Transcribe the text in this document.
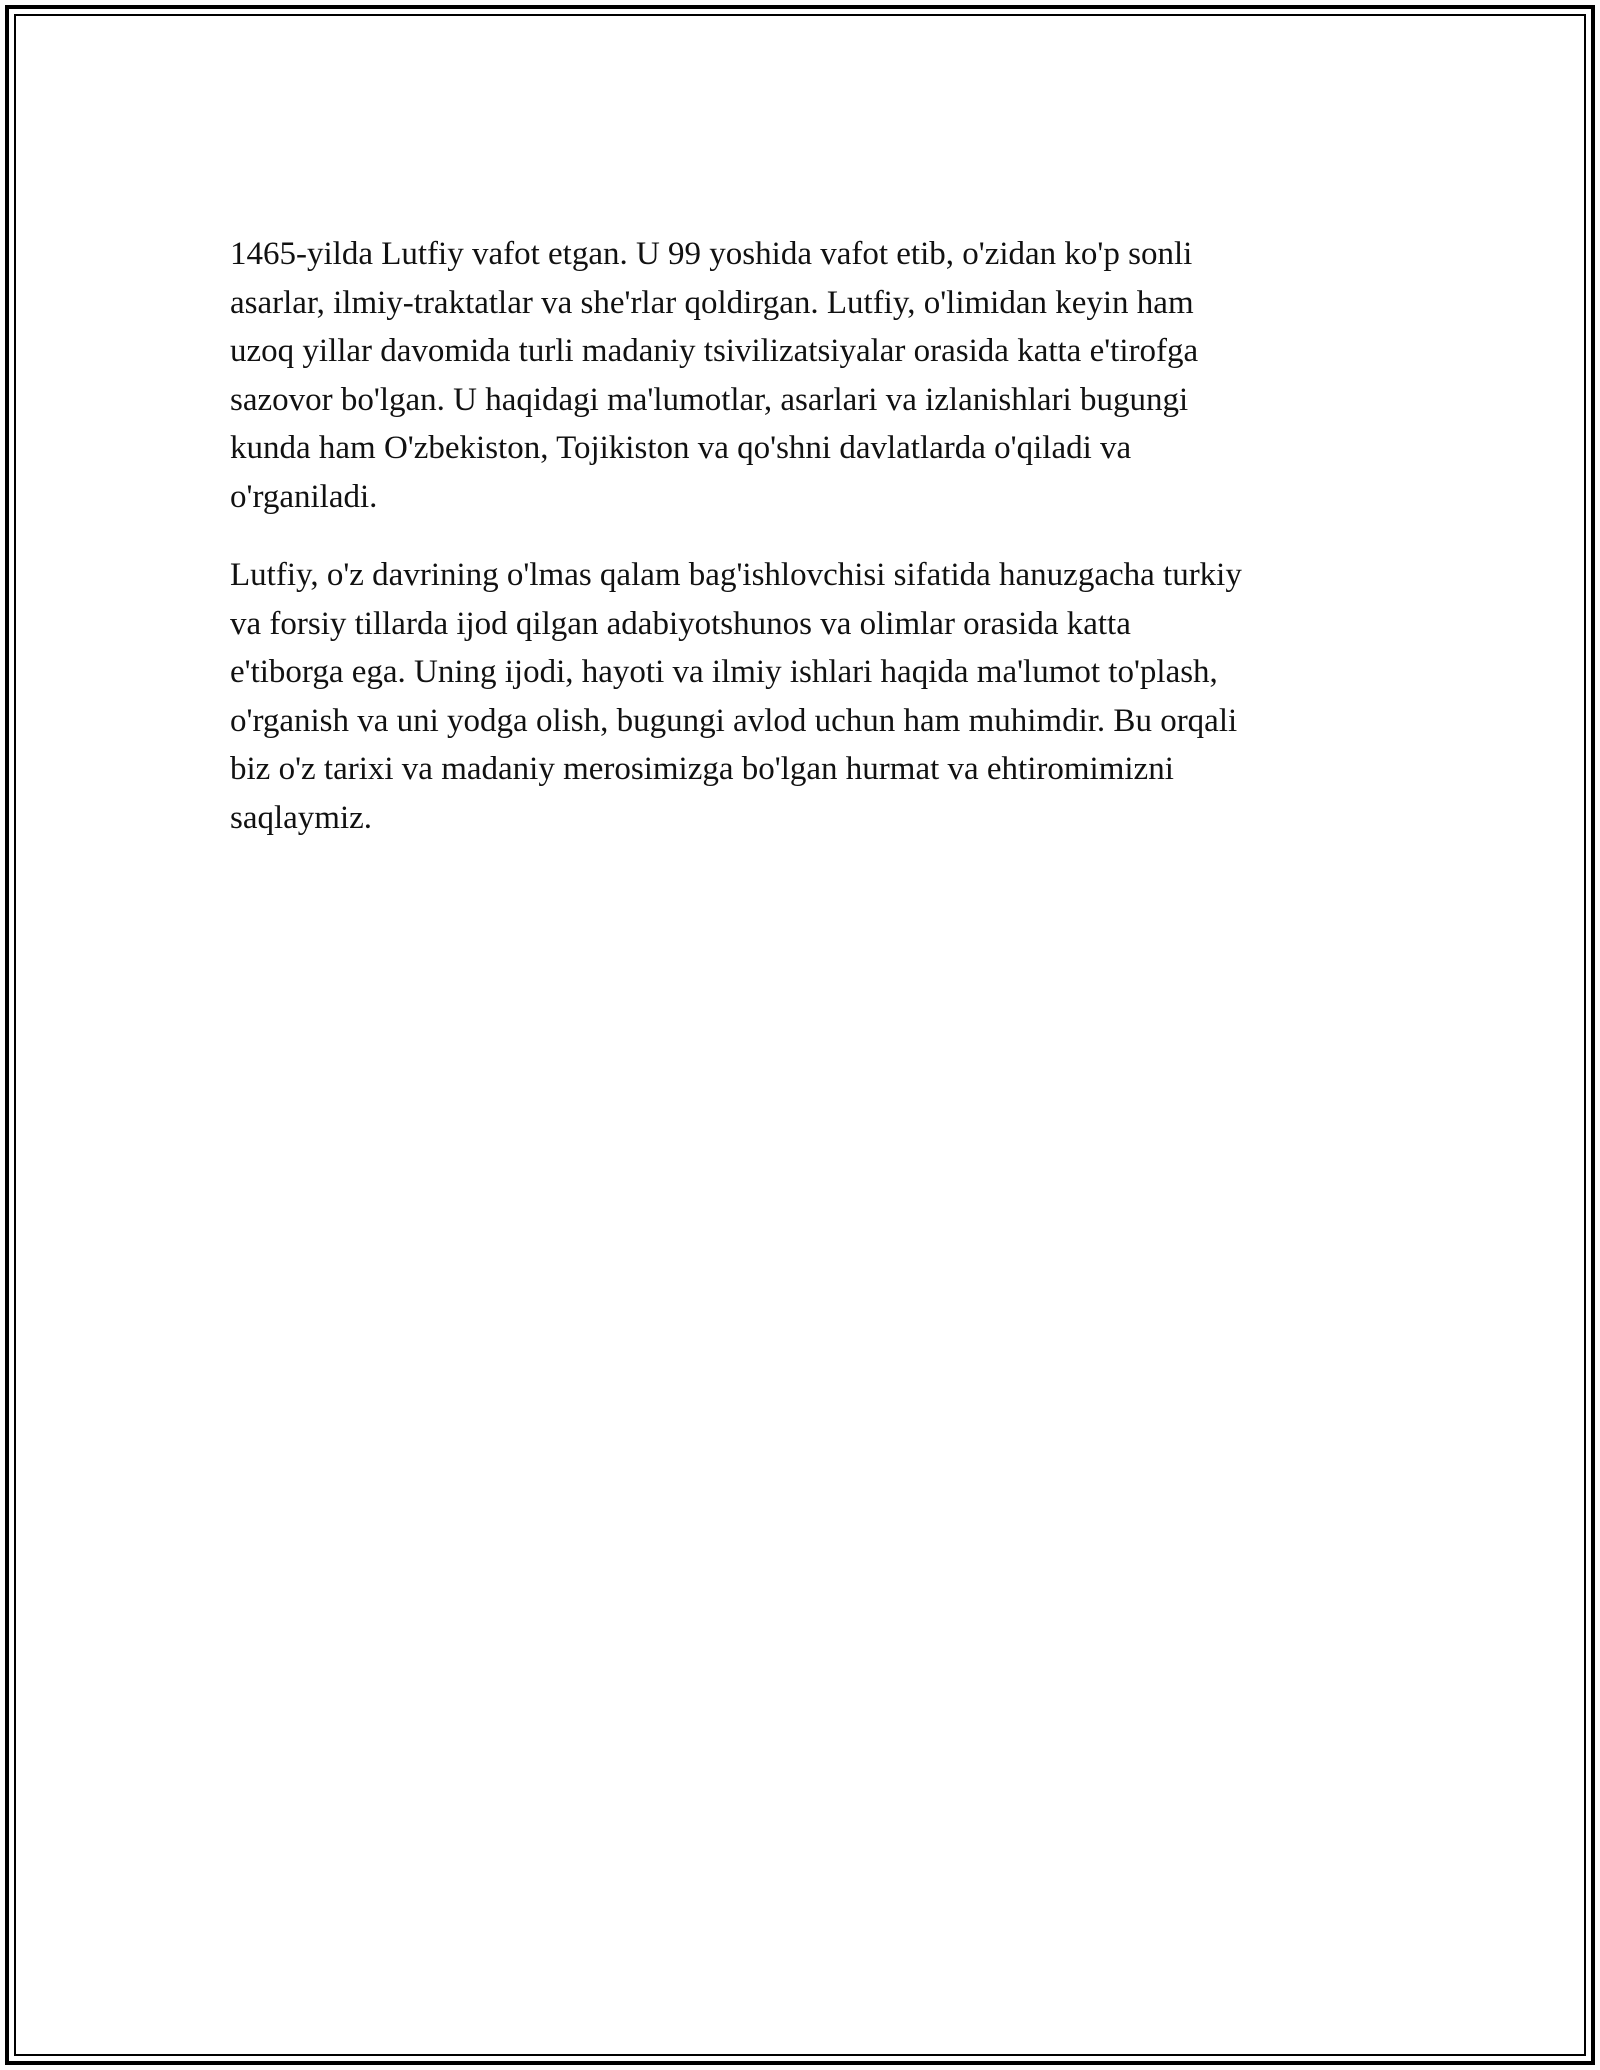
1465-yilda Lutfiy vafot etgan. U 99 yoshida vafot etib, o'zidan ko'p sonli
asarlar, ilmiy-traktatlar va she'rlar qoldirgan. Lutfiy, o'limidan keyin ham
uzoq yillar davomida turli madaniy tsivilizatsiyalar orasida katta e'tirofga
sazovor bo'lgan. U haqidagi ma'lumotlar, asarlari va izlanishlari bugungi
kunda ham O'zbekiston, Tojikiston va qo'shni davlatlarda o'qiladi va
o'rganiladi.

Lutfiy, o'z davrining o'lmas qalam bag'ishlovchisi sifatida hanuzgacha turkiy
va forsiy tillarda ijod qilgan adabiyotshunos va olimlar orasida katta
e'tiborga ega. Uning ijodi, hayoti va ilmiy ishlari haqida ma'lumot to'plash,
o'rganish va uni yodga olish, bugungi avlod uchun ham muhimdir. Bu orqali
biz o'z tarixi va madaniy merosimizga bo'lgan hurmat va ehtiromimizni
saqlaymiz.
